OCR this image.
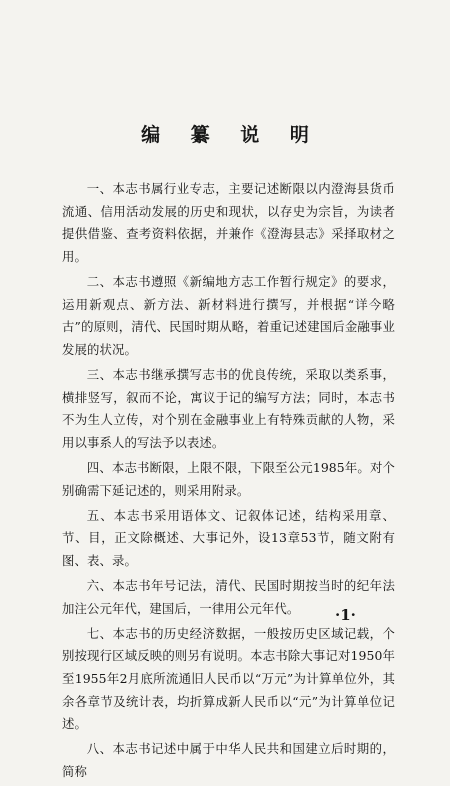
编 纂 说 明

一、本志书属行业专志，主要记述断限以内澄海县货币流通、信用活动发展的历史和现状，以存史为宗旨，为读者提供借鉴、查考资料依据，并兼作《澄海县志》采择取材之用。

二、本志书遵照《新编地方志工作暂行规定》的要求，运用新观点、新方法、新材料进行撰写，并根据“详今略古”的原则，清代、民国时期从略，着重记述建国后金融事业发展的状况。

三、本志书继承撰写志书的优良传统，采取以类系事，横排竖写，叙而不论，寓议于记的编写方法；同时，本志书不为生人立传，对个别在金融事业上有特殊贡献的人物，采用以事系人的写法予以表述。

四、本志书断限，上限不限，下限至公元1985年。对个别确需下延记述的，则采用附录。

五、本志书采用语体文、记叙体记述，结构采用章、节、目，正文除概述、大事记外，设13章53节，随文附有图、表、录。

六、本志书年号记法，清代、民国时期按当时的纪年法加注公元年代，建国后，一律用公元年代。

七、本志书的历史经济数据，一般按历史区域记载，个别按现行区域反映的则另有说明。本志书除大事记对1950年至1955年2月底所流通旧人民币以“万元”为计算单位外，其余各章节及统计表，均折算成新人民币以“元”为计算单位记述。

八、本志书记述中属于中华人民共和国建立后时期的，简称

·1·
